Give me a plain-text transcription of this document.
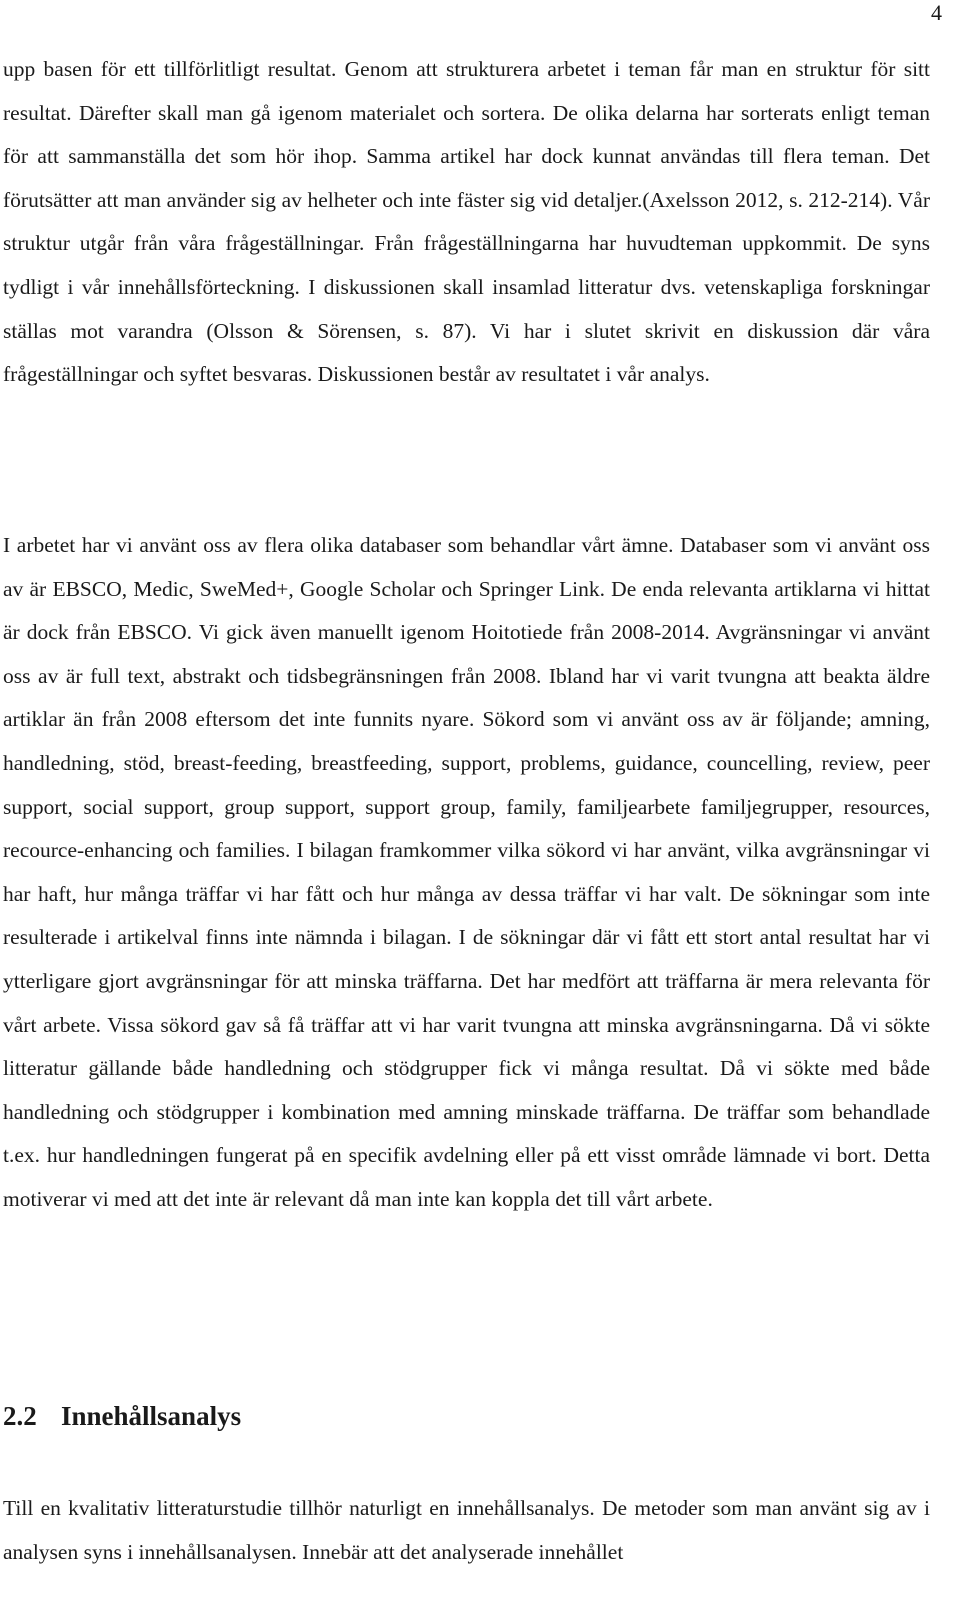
4

upp basen för ett tillförlitligt resultat. Genom att strukturera arbetet i teman får man en struktur för sitt resultat. Därefter skall man gå igenom materialet och sortera. De olika delarna har sorterats enligt teman för att sammanställa det som hör ihop. Samma artikel har dock kunnat användas till flera teman. Det förutsätter att man använder sig av helheter och inte fäster sig vid detaljer.(Axelsson 2012, s. 212-214). Vår struktur utgår från våra frågeställningar. Från frågeställningarna har huvudteman uppkommit. De syns tydligt i vår innehållsförteckning. I diskussionen skall insamlad litteratur dvs. vetenskapliga forskningar ställas mot varandra (Olsson & Sörensen, s. 87). Vi har i slutet skrivit en diskussion där våra frågeställningar och syftet besvaras. Diskussionen består av resultatet i vår analys.

I arbetet har vi använt oss av flera olika databaser som behandlar vårt ämne. Databaser som vi använt oss av är EBSCO, Medic, SweMed+, Google Scholar och Springer Link. De enda relevanta artiklarna vi hittat är dock från EBSCO. Vi gick även manuellt igenom Hoitotiede från 2008-2014. Avgränsningar vi använt oss av är full text, abstrakt och tidsbegränsningen från 2008. Ibland har vi varit tvungna att beakta äldre artiklar än från 2008 eftersom det inte funnits nyare. Sökord som vi använt oss av är följande; amning, handledning, stöd, breast-feeding, breastfeeding, support, problems, guidance, councelling, review, peer support, social support, group support, support group, family, familjearbete familjegrupper, resources, recource-enhancing och families. I bilagan framkommer vilka sökord vi har använt, vilka avgränsningar vi har haft, hur många träffar vi har fått och hur många av dessa träffar vi har valt. De sökningar som inte resulterade i artikelval finns inte nämnda i bilagan. I de sökningar där vi fått ett stort antal resultat har vi ytterligare gjort avgränsningar för att minska träffarna. Det har medfört att träffarna är mera relevanta för vårt arbete. Vissa sökord gav så få träffar att vi har varit tvungna att minska avgränsningarna. Då vi sökte litteratur gällande både handledning och stödgrupper fick vi många resultat. Då vi sökte med både handledning och stödgrupper i kombination med amning minskade träffarna. De träffar som behandlade t.ex. hur handledningen fungerat på en specifik avdelning eller på ett visst område lämnade vi bort. Detta motiverar vi med att det inte är relevant då man inte kan koppla det till vårt arbete.

2.2 Innehållsanalys

Till en kvalitativ litteraturstudie tillhör naturligt en innehållsanalys. De metoder som man använt sig av i analysen syns i innehållsanalysen. Innebär att det analyserade innehållet
